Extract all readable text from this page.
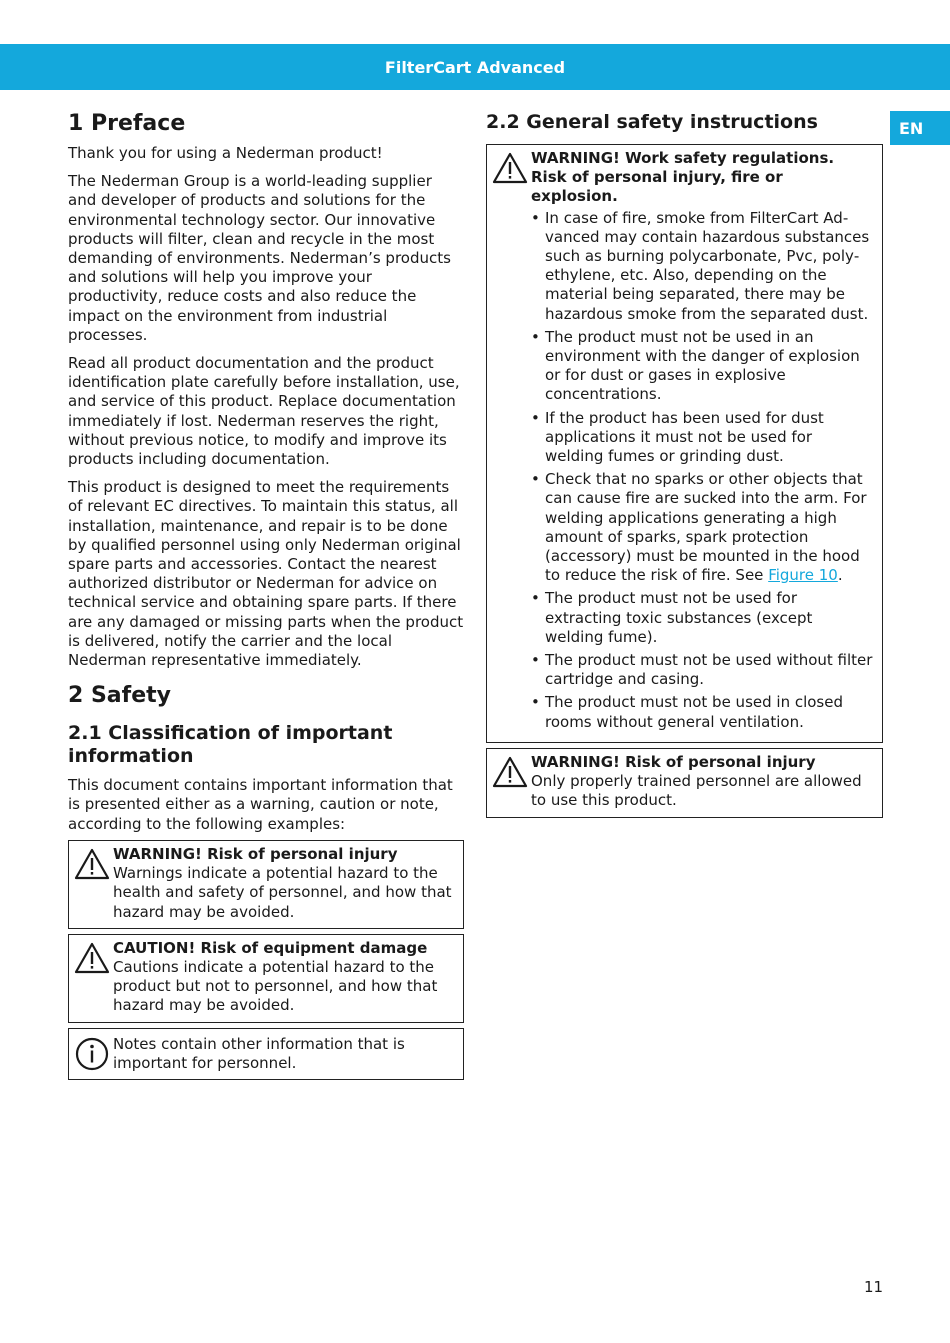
FilterCart Advanced
EN
1 Preface

Thank you for using a Nederman product!

The Nederman Group is a world-leading supplier and developer of products and solutions for the environmental technology sector. Our innovative products will filter, clean and recycle in the most demanding of environments. Nederman’s products and solutions will help you improve your productivity, reduce costs and also reduce the impact on the environment from industrial processes.

Read all product documentation and the product identification plate carefully before installation, use, and service of this product. Replace documentation immediately if lost. Nederman reserves the right, without previous notice, to modify and improve its products including documentation.

This product is designed to meet the requirements of relevant EC directives. To maintain this status, all installation, maintenance, and repair is to be done by qualified personnel using only Nederman original spare parts and accessories. Contact the nearest authorized distributor or Nederman for advice on technical service and obtaining spare parts. If there are any damaged or missing parts when the product is delivered, notify the carrier and the local Nederman representative immediately.

2 Safety
2.1 Classification of important information

This document contains important information that is presented either as a warning, caution or note, according to the following examples:

WARNING! Risk of personal injury
Warnings indicate a potential hazard to the health and safety of personnel, and how that hazard may be avoided.
CAUTION! Risk of equipment damage
Cautions indicate a potential hazard to the product but not to personnel, and how that hazard may be avoided.
Notes contain other information that is important for personnel.
2.2 General safety instructions
WARNING! Work safety regulations. Risk of personal injury, fire or explosion.
• In case of fire, smoke from FilterCart Advanced may contain hazardous substances such as burning polycarbonate, Pvc, polyethylene, etc. Also, depending on the material being separated, there may be hazardous smoke from the separated dust.
• The product must not be used in an environment with the danger of explosion or for dust or gases in explosive concentrations.
• If the product has been used for dust applications it must not be used for welding fumes or grinding dust.
• Check that no sparks or other objects that can cause fire are sucked into the arm. For welding applications generating a high amount of sparks, spark protection (accessory) must be mounted in the hood to reduce the risk of fire. See Figure 10.
• The product must not be used for extracting toxic substances (except welding fume).
• The product must not be used without filter cartridge and casing.
• The product must not be used in closed rooms without general ventilation.
WARNING! Risk of personal injury
Only properly trained personnel are allowed to use this product.
11
